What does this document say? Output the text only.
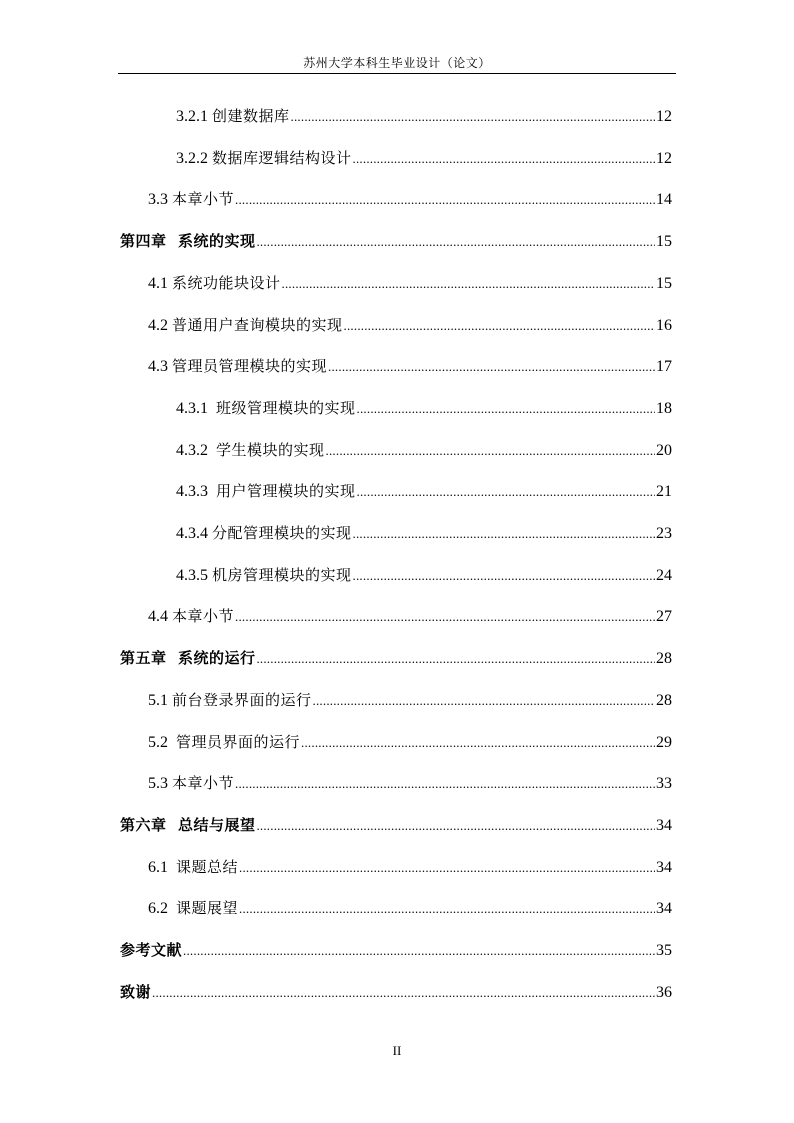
苏州大学本科生毕业设计（论文）
3.2.1 创建数据库 .....	12
3.2.2 数据库逻辑结构设计 .....	12
3.3 本章小节 .....	14
第四章  系统的实现 .....	15
4.1 系统功能块设计 .....	15
4.2 普通用户查询模块的实现 .....	16
4.3 管理员管理模块的实现 .....	17
4.3.1 班级管理模块的实现 .....	18
4.3.2 学生模块的实现 .....	20
4.3.3 用户管理模块的实现 .....	21
4.3.4 分配管理模块的实现 .....	23
4.3.5 机房管理模块的实现 .....	24
4.4 本章小节 .....	27
第五章  系统的运行 .....	28
5.1 前台登录界面的运行 .....	28
5.2 管理员界面的运行 .....	29
5.3 本章小节 .....	33
第六章  总结与展望 .....	34
6.1 课题总结 .....	34
6.2 课题展望 .....	34
参考文献 .....	35
致谢 .....	36
II
